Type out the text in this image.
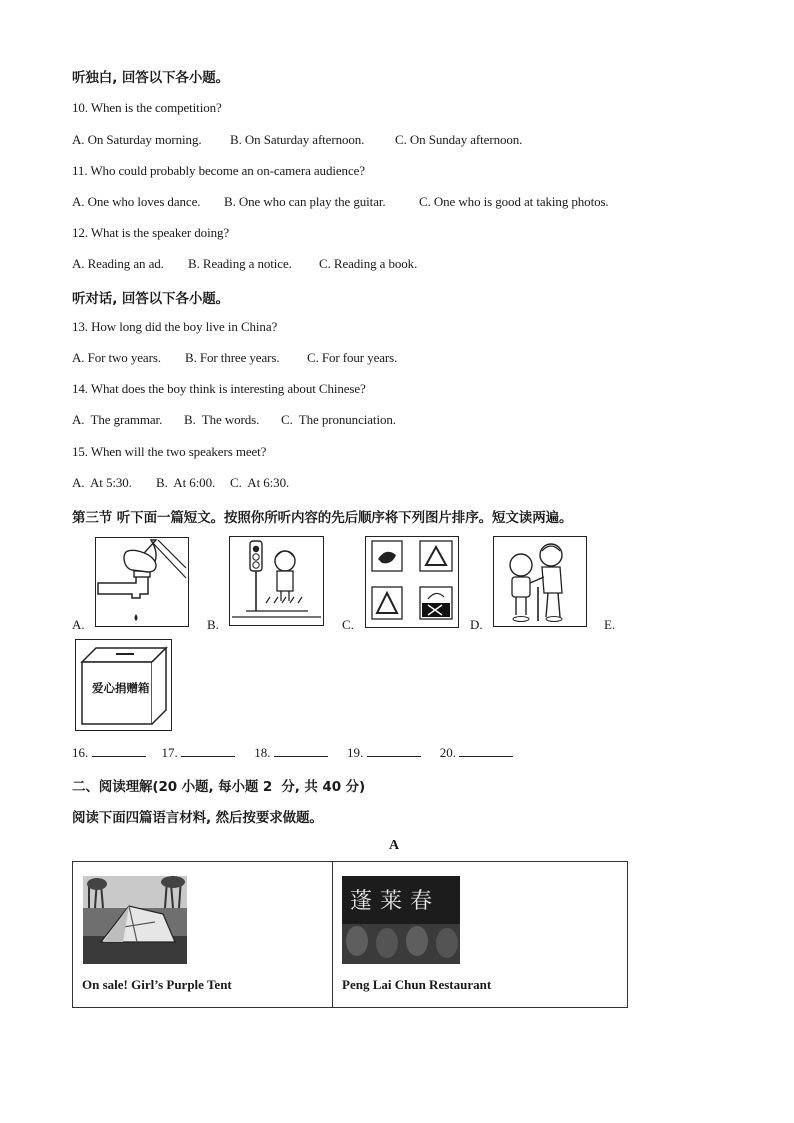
听独白, 回答以下各小题。
10. When is the competition?
A. On Saturday morning. B. On Saturday afternoon. C. On Sunday afternoon.
11. Who could probably become an on-camera audience?
A. One who loves dance. B. One who can play the guitar.	C. One who is good at taking photos.
12. What is the speaker doing?
A. Reading an ad. B. Reading a notice. C. Reading a book.
听对话, 回答以下各小题。
13. How long did the boy live in China?
A. For two years. B. For three years. C. For four years.
14. What does the boy think is interesting about Chinese?
A.  The grammar. B.  The words. C.  The pronunciation.
15. When will the two speakers meet?
A.  At 5:30. B.  At 6:00. C.  At 6:30.
第三节 听下面一篇短文。按照你所听内容的先后顺序将下列图片排序。短文读两遍。
A.	B.	C.	D.	E.
爱心捐赠箱
16.	17.	18.	19.	20.
二、阅读理解(20 小题, 每小题 2  分, 共 40 分)
阅读下面四篇语言材料, 然后按要求做题。
A
On sale! Girl’s Purple Tent

蓬莱春
Peng Lai Chun Restaurant
